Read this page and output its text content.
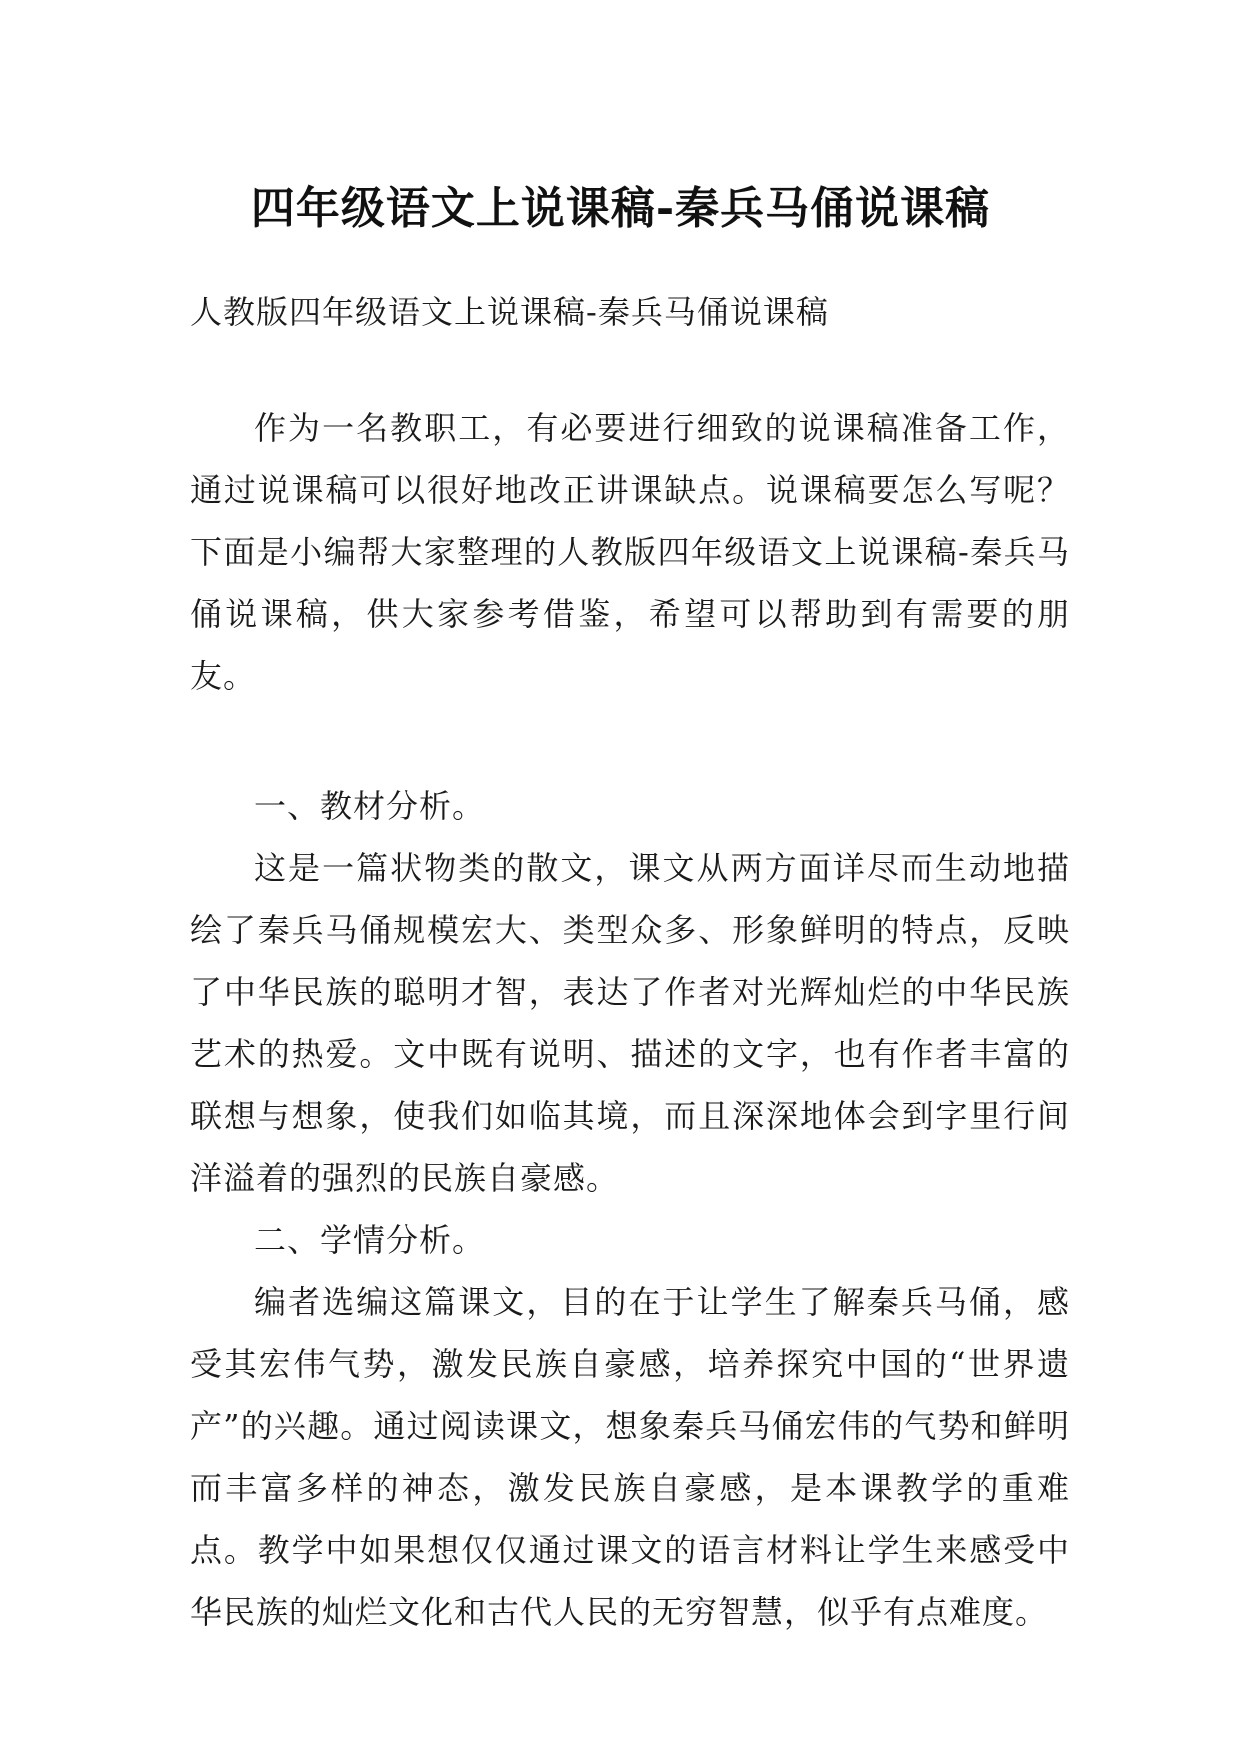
四年级语文上说课稿-秦兵马俑说课稿

人教版四年级语文上说课稿-秦兵马俑说课稿

作为一名教职工，有必要进行细致的说课稿准备工作，通过说课稿可以很好地改正讲课缺点。说课稿要怎么写呢？下面是小编帮大家整理的人教版四年级语文上说课稿-秦兵马俑说课稿，供大家参考借鉴，希望可以帮助到有需要的朋友。

一、教材分析。

这是一篇状物类的散文，课文从两方面详尽而生动地描绘了秦兵马俑规模宏大、类型众多、形象鲜明的特点，反映了中华民族的聪明才智，表达了作者对光辉灿烂的中华民族艺术的热爱。文中既有说明、描述的文字，也有作者丰富的联想与想象，使我们如临其境，而且深深地体会到字里行间洋溢着的强烈的民族自豪感。

二、学情分析。

编者选编这篇课文，目的在于让学生了解秦兵马俑，感受其宏伟气势，激发民族自豪感，培养探究中国的“世界遗产”的兴趣。通过阅读课文，想象秦兵马俑宏伟的气势和鲜明而丰富多样的神态，激发民族自豪感，是本课教学的重难点。教学中如果想仅仅通过课文的语言材料让学生来感受中华民族的灿烂文化和古代人民的无穷智慧，似乎有点难度。
